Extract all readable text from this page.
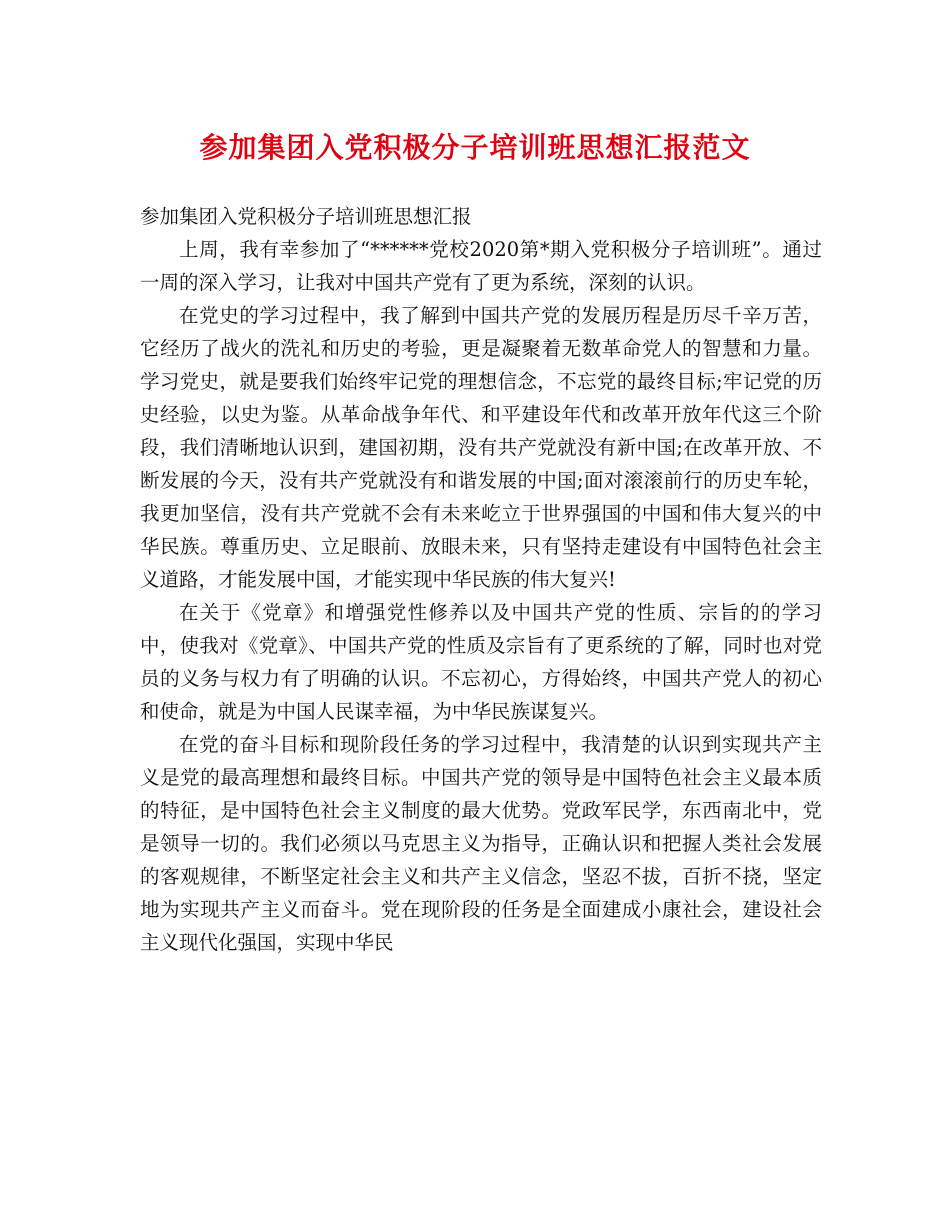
参加集团入党积极分子培训班思想汇报范文

参加集团入党积极分子培训班思想汇报

上周，我有幸参加了“******党校2020第*期入党积极分子培训班”。通过一周的深入学习，让我对中国共产党有了更为系统，深刻的认识。

在党史的学习过程中，我了解到中国共产党的发展历程是历尽千辛万苦，它经历了战火的洗礼和历史的考验，更是凝聚着无数革命党人的智慧和力量。学习党史，就是要我们始终牢记党的理想信念，不忘党的最终目标;牢记党的历史经验，以史为鉴。从革命战争年代、和平建设年代和改革开放年代这三个阶段，我们清晰地认识到，建国初期，没有共产党就没有新中国;在改革开放、不断发展的今天，没有共产党就没有和谐发展的中国;面对滚滚前行的历史车轮，我更加坚信，没有共产党就不会有未来屹立于世界强国的中国和伟大复兴的中华民族。尊重历史、立足眼前、放眼未来，只有坚持走建设有中国特色社会主义道路，才能发展中国，才能实现中华民族的伟大复兴!

在关于《党章》和增强党性修养以及中国共产党的性质、宗旨的的学习中，使我对《党章》、中国共产党的性质及宗旨有了更系统的了解，同时也对党员的义务与权力有了明确的认识。不忘初心，方得始终，中国共产党人的初心和使命，就是为中国人民谋幸福，为中华民族谋复兴。

在党的奋斗目标和现阶段任务的学习过程中，我清楚的认识到实现共产主义是党的最高理想和最终目标。中国共产党的领导是中国特色社会主义最本质的特征，是中国特色社会主义制度的最大优势。党政军民学，东西南北中，党是领导一切的。我们必须以马克思主义为指导，正确认识和把握人类社会发展的客观规律，不断坚定社会主义和共产主义信念，坚忍不拔，百折不挠，坚定地为实现共产主义而奋斗。党在现阶段的任务是全面建成小康社会，建设社会主义现代化强国，实现中华民
